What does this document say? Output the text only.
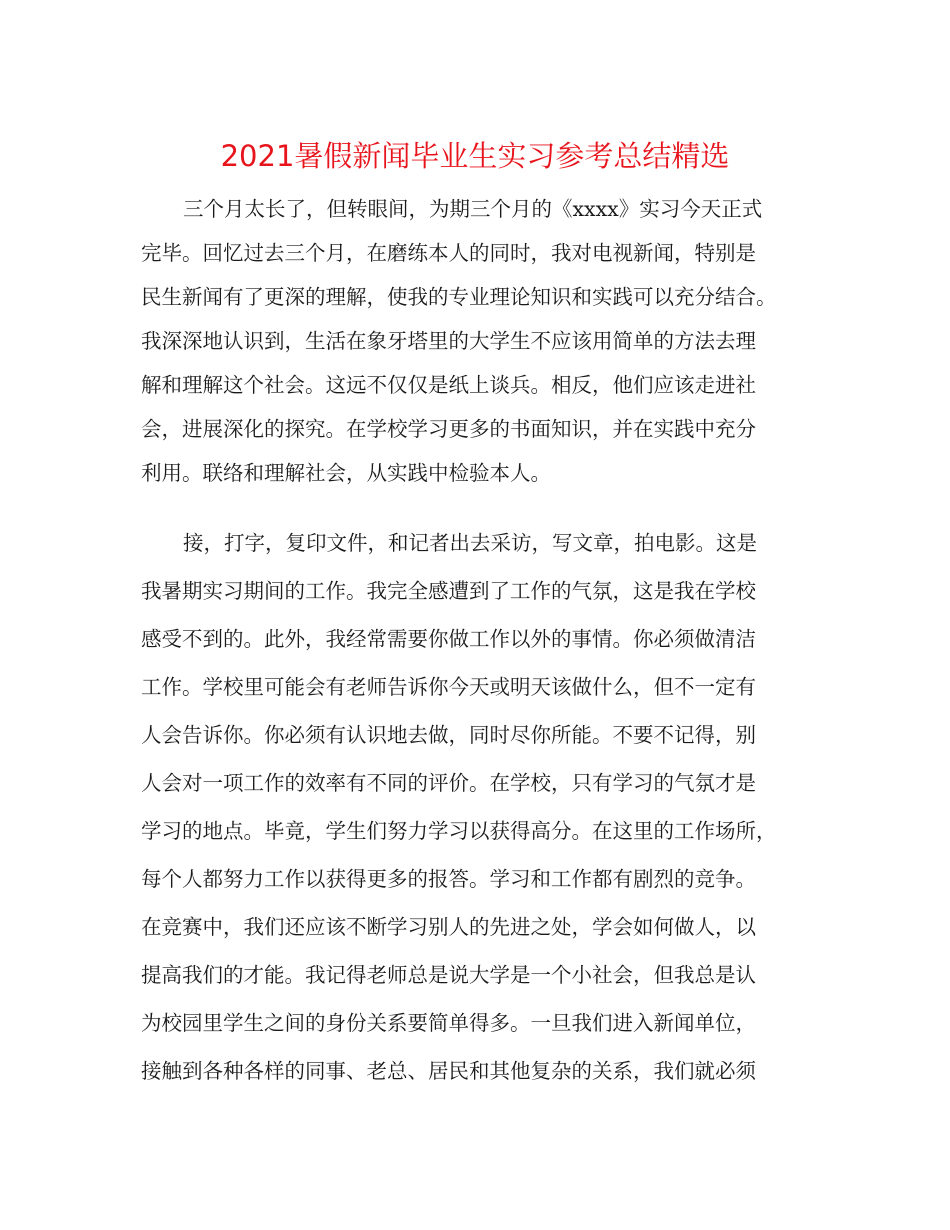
2021暑假新闻毕业生实习参考总结精选
三个月太长了，但转眼间，为期三个月的《xxxx》实习今天正式
完毕。回忆过去三个月，在磨练本人的同时，我对电视新闻，特别是
民生新闻有了更深的理解，使我的专业理论知识和实践可以充分结合。
我深深地认识到，生活在象牙塔里的大学生不应该用简单的方法去理
解和理解这个社会。这远不仅仅是纸上谈兵。相反，他们应该走进社
会，进展深化的探究。在学校学习更多的书面知识，并在实践中充分
利用。联络和理解社会，从实践中检验本人。
接，打字，复印文件，和记者出去采访，写文章，拍电影。这是
我暑期实习期间的工作。我完全感遭到了工作的气氛，这是我在学校
感受不到的。此外，我经常需要你做工作以外的事情。你必须做清洁
工作。学校里可能会有老师告诉你今天或明天该做什么，但不一定有
人会告诉你。你必须有认识地去做，同时尽你所能。不要不记得，别
人会对一项工作的效率有不同的评价。在学校，只有学习的气氛才是
学习的地点。毕竟，学生们努力学习以获得高分。在这里的工作场所，
每个人都努力工作以获得更多的报答。学习和工作都有剧烈的竞争。
在竞赛中，我们还应该不断学习别人的先进之处，学会如何做人，以
提高我们的才能。我记得老师总是说大学是一个小社会，但我总是认
为校园里学生之间的身份关系要简单得多。一旦我们进入新闻单位，
接触到各种各样的同事、老总、居民和其他复杂的关系，我们就必须
